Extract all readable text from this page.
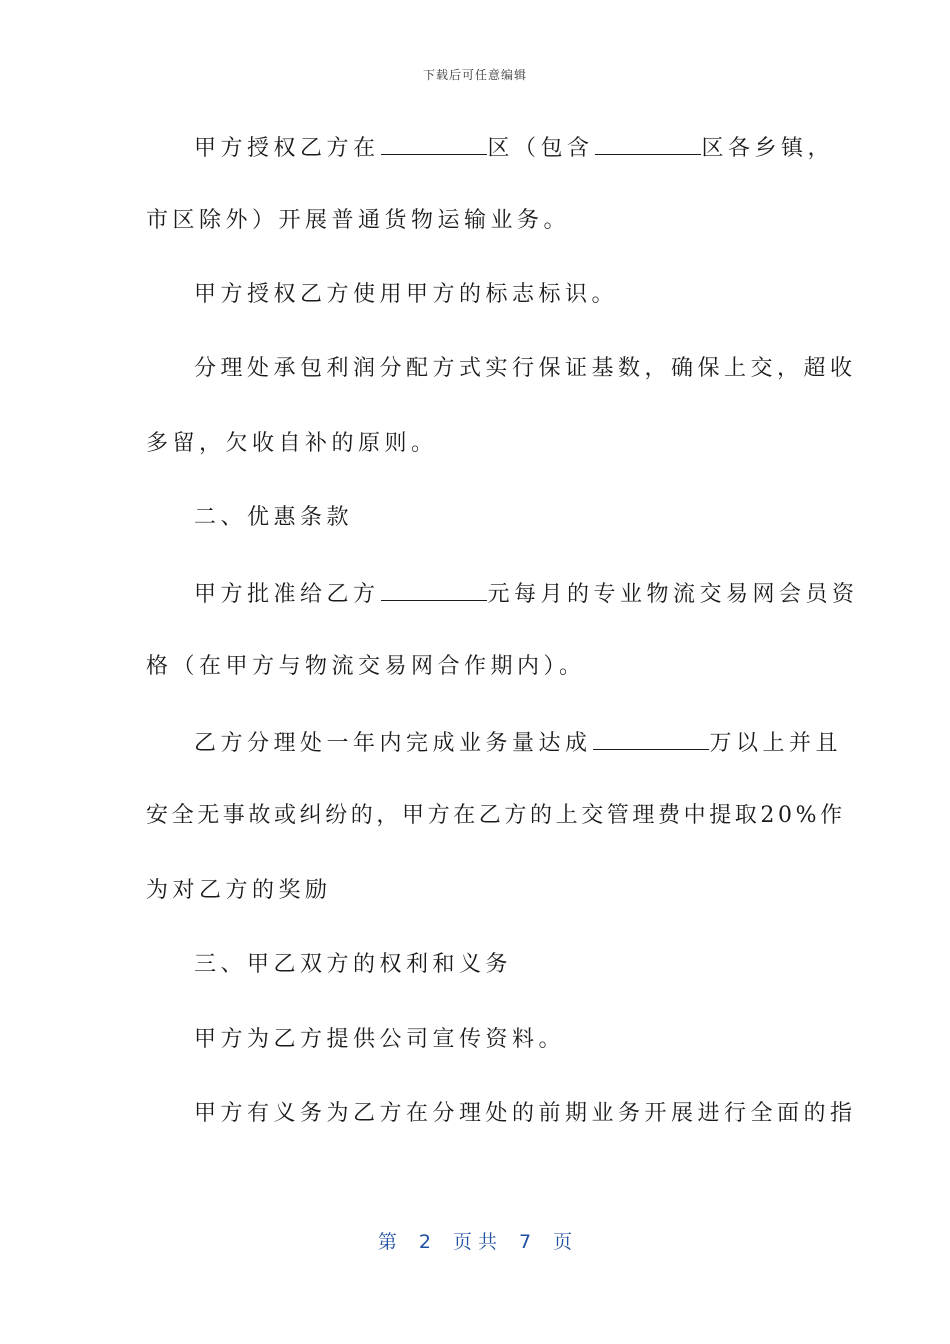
下载后可任意编辑
甲方授权乙方在	区（包含	区各乡镇，
市区除外）开展普通货物运输业务。
甲方授权乙方使用甲方的标志标识。
分理处承包利润分配方式实行保证基数，确保上交，超收
多留，欠收自补的原则。
二、优惠条款
甲方批准给乙方	元每月的专业物流交易网会员资
格（在甲方与物流交易网合作期内）。
乙方分理处一年内完成业务量达成	万以上并且
安全无事故或纠纷的，甲方在乙方的上交管理费中提取20%作
为对乙方的奖励
三、甲乙双方的权利和义务
甲方为乙方提供公司宣传资料。
甲方有义务为乙方在分理处的前期业务开展进行全面的指
第 2 页 共 7 页
